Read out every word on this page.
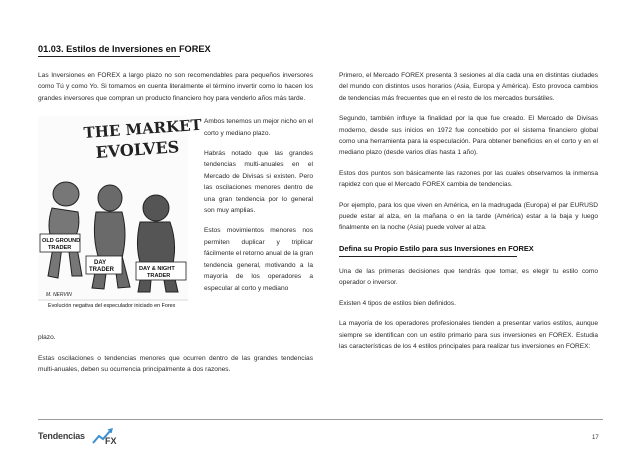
01.03. Estilos de Inversiones en FOREX

Las Inversiones en FOREX a largo plazo no son recomendables para pequeños inversores como Tú y como Yo. Si tomamos en cuenta literalmente el término invertir como lo hacen los grandes inversores que compran un producto financiero hoy para venderlo años más tarde.

THE MARKET
EVOLVES
OLD GROUND
TRADER
DAY
TRADER	DAY & NIGHT
TRADER
M. NERVIN
Evolución negativa del especulador iniciado en Forex

Ambos tenemos un mejor nicho en el corto y mediano plazo.

Habrás notado que las grandes tendencias multi-anuales en el Mercado de Divisas si existen. Pero las oscilaciones menores dentro de una gran tendencia por lo general son muy amplias.

Estos movimientos menores nos permiten duplicar y triplicar fácilmente el retorno anual de la gran tendencia general, motivando a la mayoría de los operadores a especular al corto y mediano

plazo.

Estas oscilaciones o tendencias menores que ocurren dentro de las grandes tendencias multi-anuales, deben su ocurrencia principalmente a dos razones.

Primero, el Mercado FOREX presenta 3 sesiones al día cada una en distintas ciudades del mundo con distintos usos horarios (Asia, Europa y América). Esto provoca cambios de tendencias más frecuentes que en el resto de los mercados bursátiles.

Segundo, también influye la finalidad por la que fue creado. El Mercado de Divisas moderno, desde sus inicios en 1972 fue concebido por el sistema financiero global como una herramienta para la especulación. Para obtener beneficios en el corto y en el mediano plazo (desde varios días hasta 1 año).

Estos dos puntos son básicamente las razones por las cuales observamos la inmensa rapidez con que el Mercado FOREX cambia de tendencias.

Por ejemplo, para los que viven en América, en la madrugada (Europa) el par EURUSD puede estar al alza, en la mañana o en la tarde (América) estar a la baja y luego finalmente en la noche (Asia) puede volver al alza.

Defina su Propio Estilo para sus Inversiones en FOREX

Una de las primeras decisiones que tendrás que tomar, es elegir tu estilo como operador o inversor.

Existen 4 tipos de estilos bien definidos.

La mayoría de los operadores profesionales tienden a presentar varios estilos, aunque siempre se identifican con un estilo primario para sus inversiones en FOREX. Estudia las características de los 4 estilos principales para realizar tus inversiones en FOREX:

Tendencias FX	17
